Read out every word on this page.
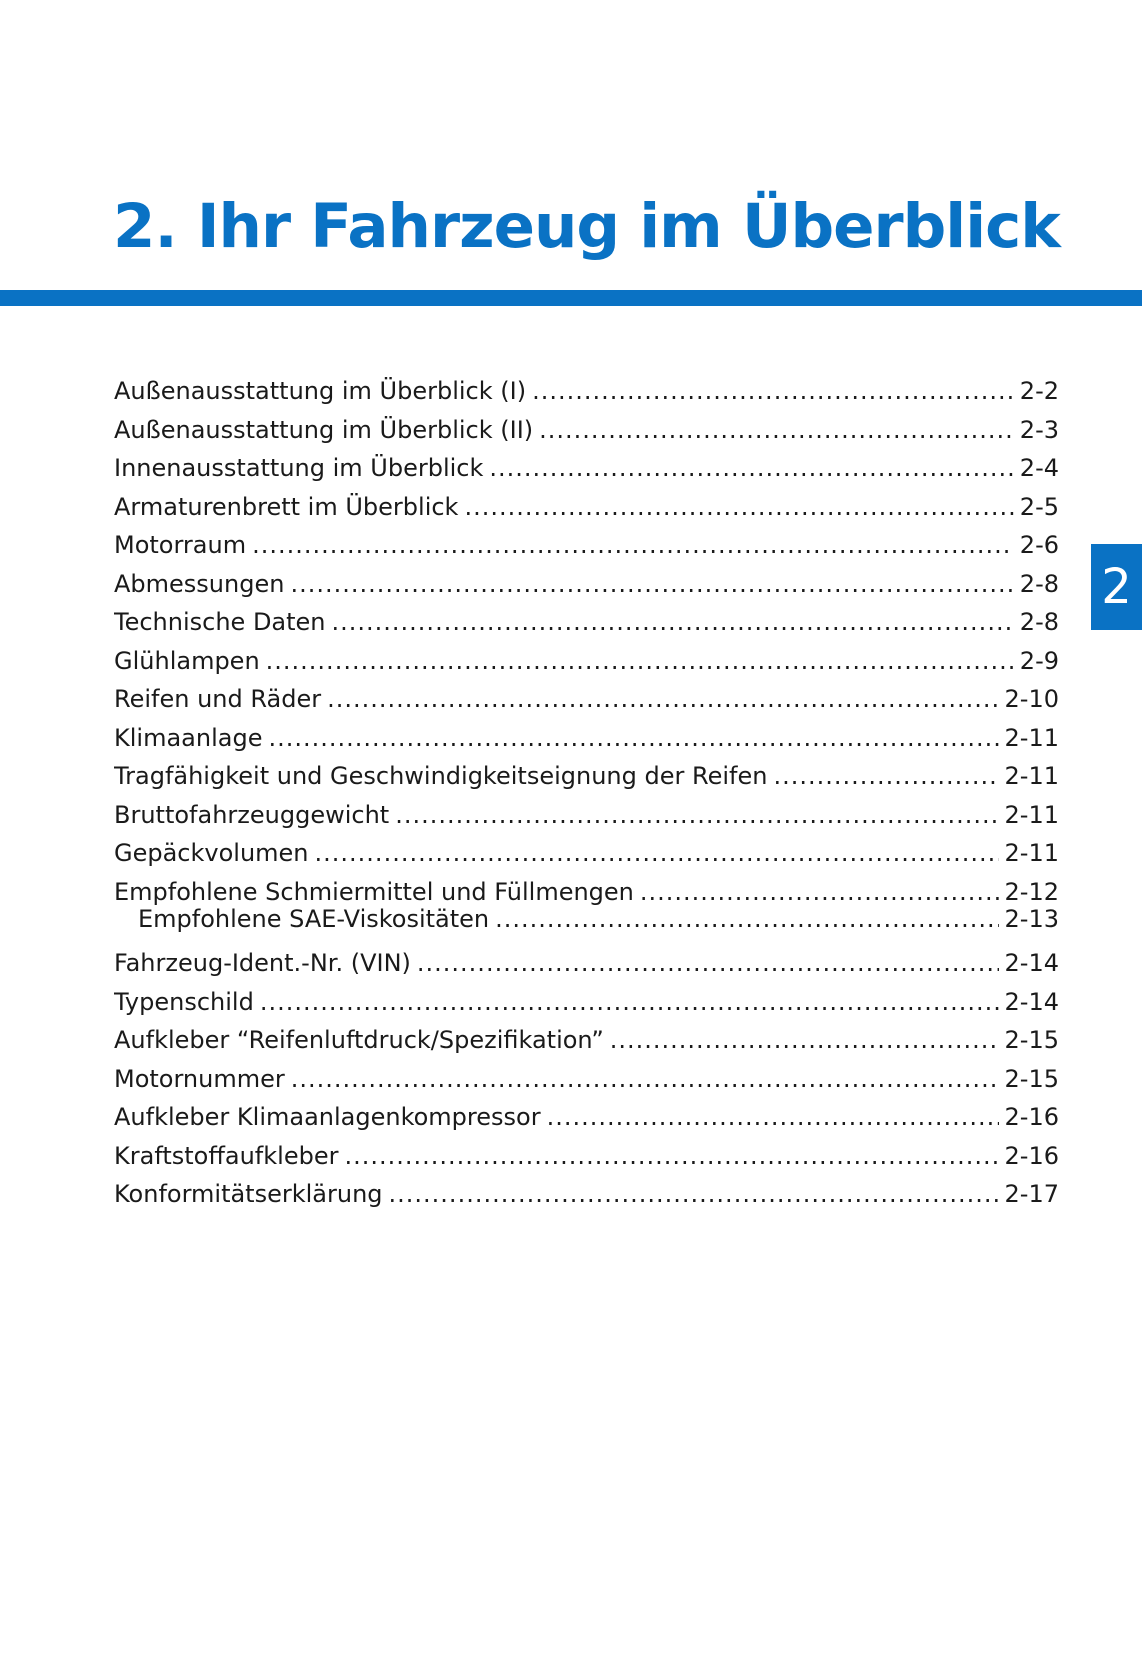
2. Ihr Fahrzeug im Überblick
2
Außenausstattung im Überblick (I) .....	2-2
Außenausstattung im Überblick (II) .....	2-3
Innenausstattung im Überblick .....	2-4
Armaturenbrett im Überblick .....	2-5
Motorraum .....	2-6
Abmessungen .....	2-8
Technische Daten .....	2-8
Glühlampen .....	2-9
Reifen und Räder .....	2-10
Klimaanlage .....	2-11
Tragfähigkeit und Geschwindigkeitseignung der Reifen .....	2-11
Bruttofahrzeuggewicht .....	2-11
Gepäckvolumen .....	2-11
Empfohlene Schmiermittel und Füllmengen .....	2-12
Empfohlene SAE-Viskositäten .....	2-13
Fahrzeug-Ident.-Nr. (VIN) .....	2-14
Typenschild .....	2-14
Aufkleber “Reifenluftdruck/Spezifikation” .....	2-15
Motornummer .....	2-15
Aufkleber Klimaanlagenkompressor .....	2-16
Kraftstoffaufkleber .....	2-16
Konformitätserklärung .....	2-17
